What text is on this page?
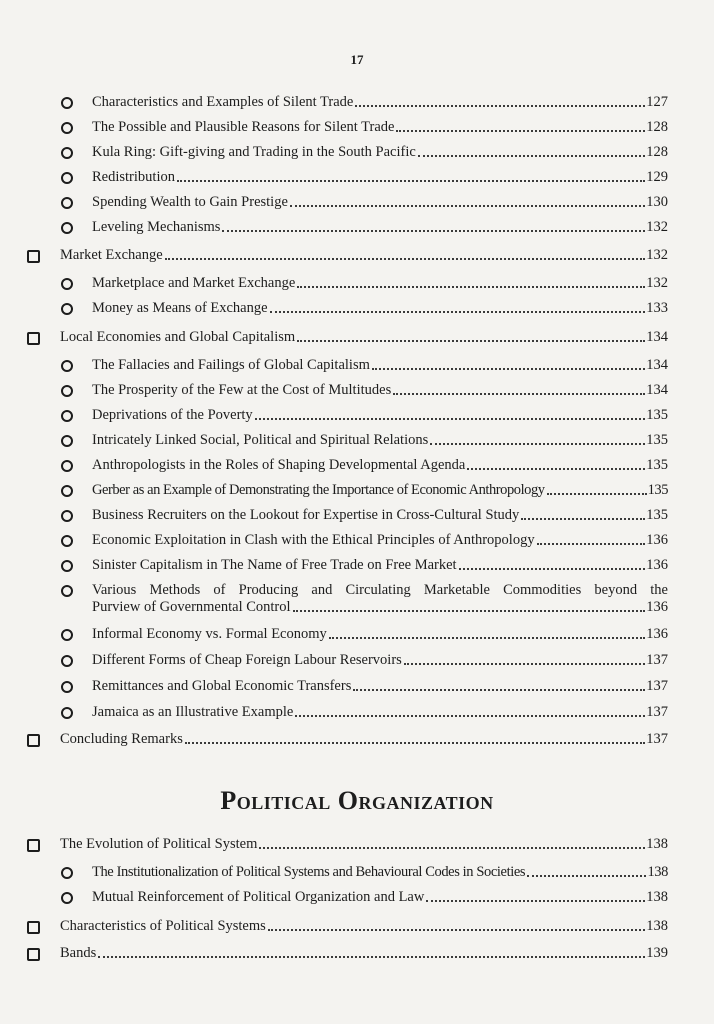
17
Characteristics and Examples of Silent Trade	127
The Possible and Plausible Reasons for Silent Trade	128
Kula Ring: Gift-giving and Trading in the South Pacific	128
Redistribution	129
Spending Wealth to Gain Prestige	130
Leveling Mechanisms	132
Market Exchange	132
Marketplace and Market Exchange	132
Money as Means of Exchange	133
Local Economies and Global Capitalism	134
The Fallacies and Failings of Global Capitalism	134
The Prosperity of the Few at the Cost of Multitudes	134
Deprivations of the Poverty	135
Intricately Linked Social, Political and Spiritual Relations	135
Anthropologists in the Roles of Shaping Developmental Agenda	135
Gerber as an Example of Demonstrating the Importance of Economic Anthropology	135
Business Recruiters on the Lookout for Expertise in Cross-Cultural Study	135
Economic Exploitation in Clash with the Ethical Principles of Anthropology	136
Sinister Capitalism in The Name of Free Trade on Free Market	136
Various Methods of Producing and Circulating Marketable Commodities beyond the
Purview of Governmental Control	136
Informal Economy vs. Formal Economy	136
Different Forms of Cheap Foreign Labour Reservoirs	137
Remittances and Global Economic Transfers	137
Jamaica as an Illustrative Example	137
Concluding Remarks	137
Political Organization
The Evolution of Political System	138
The Institutionalization of Political Systems and Behavioural Codes in Societies	138
Mutual Reinforcement of Political Organization and Law	138
Characteristics of Political Systems	138
Bands	139
